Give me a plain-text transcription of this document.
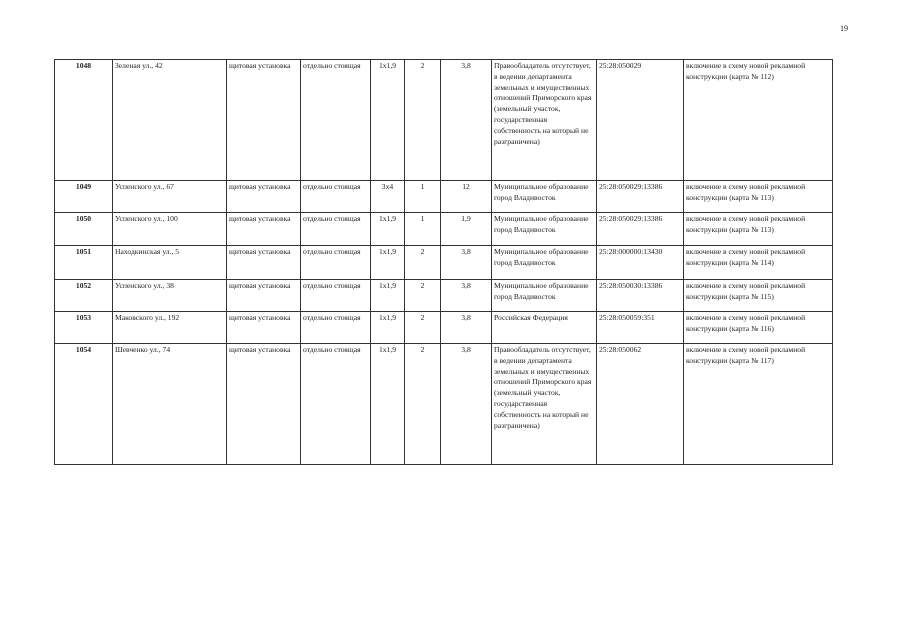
19
1048	Зеленая ул., 42	щитовая установка	отдельно стоящая	1х1,9	2	3,8	Правообладатель отсутствует, в ведении департамента земельных и имущественных отношений Приморского края (земельный участок, государственная собственность на который не разграничена)	25:28:050029	включение в схему новой рекламной конструкции (карта № 112)
1049	Успенского ул., 67	щитовая установка	отдельно стоящая	3х4	1	12	Муниципальное образование город Владивосток	25:28:050029:13386	включение в схему новой рекламной конструкции (карта № 113)
1050	Успенского ул., 100	щитовая установка	отдельно стоящая	1х1,9	1	1,9	Муниципальное образование город Владивосток	25:28:050029:13386	включение в схему новой рекламной конструкции (карта № 113)
1051	Находкинская ул., 5	щитовая установка	отдельно стоящая	1х1,9	2	3,8	Муниципальное образование город Владивосток	25:28:000000:13430	включение в схему новой рекламной конструкции (карта № 114)
1052	Успенского ул., 38	щитовая установка	отдельно стоящая	1х1,9	2	3,8	Муниципальное образование город Владивосток	25:28:050030:13386	включение в схему новой рекламной конструкции (карта № 115)
1053	Маковского ул., 192	щитовая установка	отдельно стоящая	1х1,9	2	3,8	Российская Федерация	25:28:050059:351	включение в схему новой рекламной конструкции (карта № 116)
1054	Шевченко ул., 74	щитовая установка	отдельно стоящая	1х1,9	2	3,8	Правообладатель отсутствует, в ведении департамента земельных и имущественных отношений Приморского края (земельный участок, государственная собственность на который не разграничена)	25:28:050062	включение в схему новой рекламной конструкции (карта № 117)
